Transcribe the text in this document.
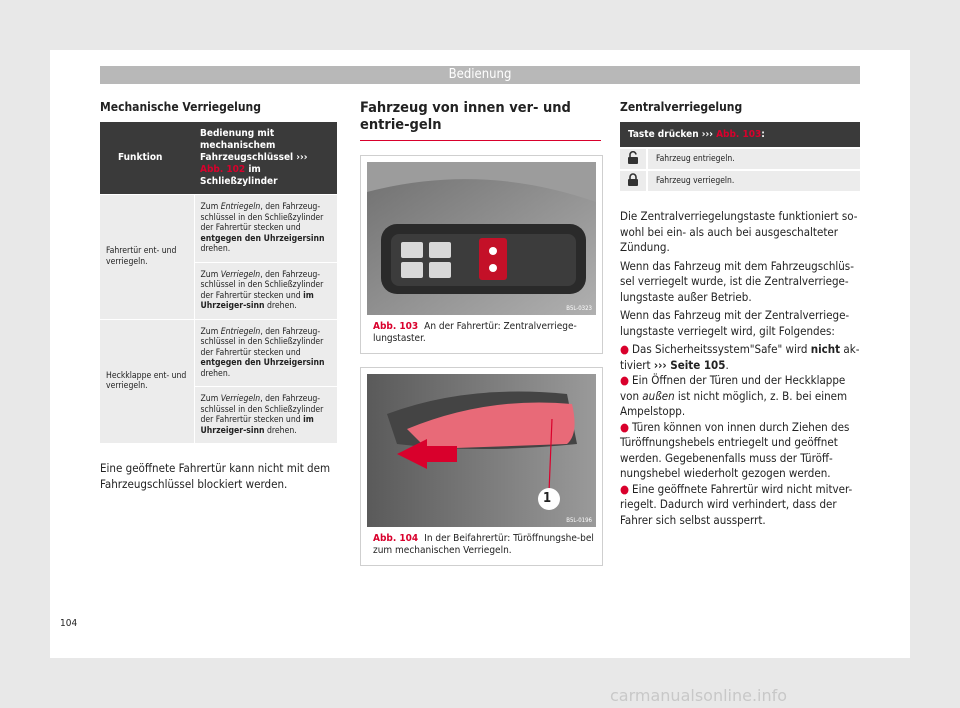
Bedienung
Mechanische Verriegelung
Funktion	Bedienung mit mechanischem Fahrzeugschlüssel ››› Abb. 102 im Schließzylinder
Fahrertür ent- und verriegeln.	Zum Entriegeln, den Fahrzeug-schlüssel in den Schließzylinder der Fahrertür stecken und entgegen den Uhrzeigersinn drehen.
	Zum Verriegeln, den Fahrzeug-schlüssel in den Schließzylinder der Fahrertür stecken und im Uhrzeiger-sinn drehen.
Heckklappe ent- und verriegeln.	Zum Entriegeln, den Fahrzeug-schlüssel in den Schließzylinder der Fahrertür stecken und entgegen den Uhrzeigersinn drehen.
	Zum Verriegeln, den Fahrzeug-schlüssel in den Schließzylinder der Fahrertür stecken und im Uhrzeiger-sinn drehen.

Eine geöffnete Fahrertür kann nicht mit dem Fahrzeugschlüssel blockiert werden.

Fahrzeug von innen ver- und entrie-geln
B5L-0323
Abb. 103 An der Fahrertür: Zentralverriege-lungstaster.
1
B5L-0196
Abb. 104 In der Beifahrertür: Türöffnungshe-bel zum mechanischen Verriegeln.
Zentralverriegelung
Taste drücken ››› Abb. 103:	
	Fahrzeug entriegeln.
	Fahrzeug verriegeln.

Die Zentralverriegelungstaste funktioniert so-wohl bei ein- als auch bei ausgeschalteter Zündung.

Wenn das Fahrzeug mit dem Fahrzeugschlüs-sel verriegelt wurde, ist die Zentralverriege-lungstaste außer Betrieb.

Wenn das Fahrzeug mit der Zentralverriege-lungstaste verriegelt wird, gilt Folgendes:

● Das Sicherheitssystem"Safe" wird nicht ak-tiviert ››› Seite 105.

● Ein Öffnen der Türen und der Heckklappe von außen ist nicht möglich, z. B. bei einem Ampelstopp.

● Türen können von innen durch Ziehen des Türöffnungshebels entriegelt und geöffnet werden. Gegebenenfalls muss der Türöff-nungshebel wiederholt gezogen werden.

● Eine geöffnete Fahrertür wird nicht mitver-riegelt. Dadurch wird verhindert, dass der Fahrer sich selbst aussperrt.

104
carmanualsonline.info
